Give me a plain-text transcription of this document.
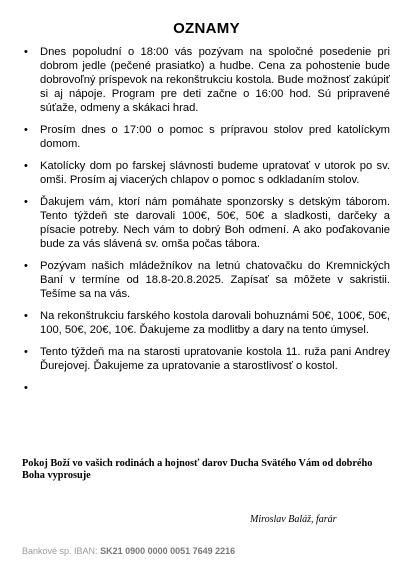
OZNAMY
• Dnes popoludní o 18:00 vás pozývam na spoločné posedenie pri dobrom jedle (pečené prasiatko) a hudbe. Cena za pohostenie bude dobrovoľný príspevok na rekonštrukciu kostola. Bude možnosť zakúpiť si aj nápoje. Program pre deti začne o 16:00 hod. Sú pripravené súťaže, odmeny a skákaci hrad.
• Prosím dnes o 17:00 o pomoc s prípravou stolov pred katolíckym domom.
• Katolícky dom po farskej slávnosti budeme upratovať v utorok po sv. omši. Prosím aj viacerých chlapov o pomoc s odkladaním stolov.
• Ďakujem vám, ktorí nám pomáhate sponzorsky s detským táborom. Tento týždeň ste darovali 100€, 50€, 50€ a sladkosti, darčeky a písacie potreby. Nech vám to dobrý Boh odmení. A ako poďakovanie bude za vás slávená sv. omša počas tábora.
• Pozývam našich mládežníkov na letnú chatovačku do Kremnických Baní v termíne od 18.8-20.8.2025. Zapísať sa môžete v sakristii. Tešíme sa na vás.
• Na rekonštrukciu farského kostola darovali bohuznámi 50€, 100€, 50€, 100, 50€, 20€, 10€. Ďakujeme za modlitby a dary na tento úmysel.
• Tento týždeň ma na starosti upratovanie kostola 11. ruža pani Andrey Ďurejovej. Ďakujeme za upratovanie a starostlivosť o kostol.
•

Pokoj Boží vo vašich rodinách a hojnosť darov Ducha Svätého Vám od dobrého Boha vyprosuje
Miroslav Baláž, farár
Bankové sp. IBAN: SK21 0900 0000 0051 7649 2216
